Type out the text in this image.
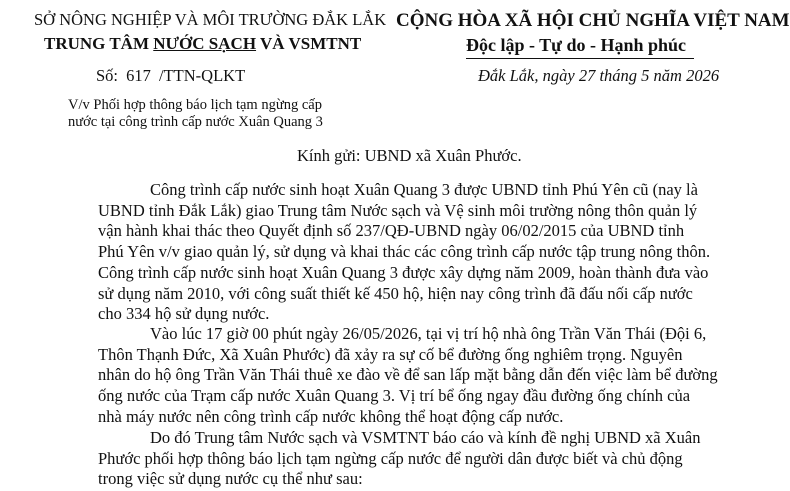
SỞ NÔNG NGHIỆP VÀ MÔI TRƯỜNG ĐẮK LẮK
TRUNG TÂM NƯỚC SẠCH VÀ VSMTNT
Số: 617 /TTN-QLKT
CỘNG HÒA XÃ HỘI CHỦ NGHĨA VIỆT NAM
Độc lập - Tự do - Hạnh phúc
Đắk Lắk, ngày 27 tháng 5 năm 2026
V/v Phối hợp thông báo lịch tạm ngừng cấp
nước tại công trình cấp nước Xuân Quang 3
Kính gửi: UBND xã Xuân Phước.
Công trình cấp nước sinh hoạt Xuân Quang 3 được UBND tỉnh Phú Yên cũ (nay là
UBND tỉnh Đắk Lắk) giao Trung tâm Nước sạch và Vệ sinh môi trường nông thôn quản lý
vận hành khai thác theo Quyết định số 237/QĐ-UBND ngày 06/02/2015 của UBND tỉnh
Phú Yên v/v giao quản lý, sử dụng và khai thác các công trình cấp nước tập trung nông thôn.
Công trình cấp nước sinh hoạt Xuân Quang 3 được xây dựng năm 2009, hoàn thành đưa vào
sử dụng năm 2010, với công suất thiết kế 450 hộ, hiện nay công trình đã đấu nối cấp nước
cho 334 hộ sử dụng nước.
Vào lúc 17 giờ 00 phút ngày 26/05/2026, tại vị trí hộ nhà ông Trần Văn Thái (Đội 6,
Thôn Thạnh Đức, Xã Xuân Phước) đã xảy ra sự cố bể đường ống nghiêm trọng. Nguyên
nhân do hộ ông Trần Văn Thái thuê xe đào về để san lấp mặt bằng dẫn đến việc làm bể đường
ống nước của Trạm cấp nước Xuân Quang 3. Vị trí bể ống ngay đầu đường ống chính của
nhà máy nước nên công trình cấp nước không thể hoạt động cấp nước.
Do đó Trung tâm Nước sạch và VSMTNT báo cáo và kính đề nghị UBND xã Xuân
Phước phối hợp thông báo lịch tạm ngừng cấp nước để người dân được biết và chủ động
trong việc sử dụng nước cụ thể như sau:
